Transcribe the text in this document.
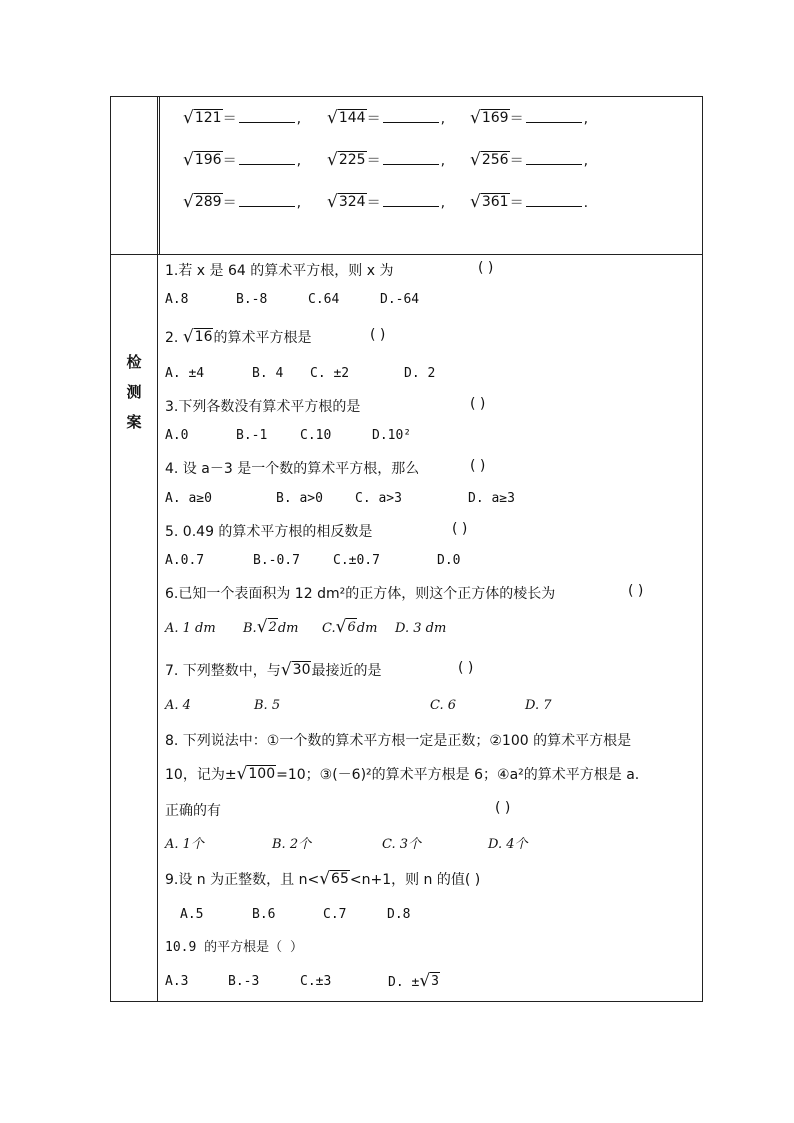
检
测
案
√ 121 ＝	, √ 144 ＝	, √ 169 ＝	,
√ 196 ＝	, √ 225 ＝	, √ 256 ＝	,
√ 289 ＝	, √ 324 ＝	, √ 361 ＝	.
1.若 x 是 64 的算术平方根，则 x 为	( )
A.8	B.-8	C.64	D.-64
2. √ 16 的算术平方根是	( )
A. ±4	B. 4 C. ±2	D. 2
3.下列各数没有算术平方根的是	( )
A.0	B.-1	C.10	D.10²
4. 设 a－3 是一个数的算术平方根，那么	( )
A. a≥0	B. a>0 C. a>3	D. a≥3
5. 0.49 的算术平方根的相反数是	( )
A.0.7	B.-0.7	C.±0.7	D.0
6.已知一个表面积为 12 dm²的正方体，则这个正方体的棱长为	( )
A. 1 dm B. √ 2 dm C. √ 6 dm D. 3 dm
7. 下列整数中，与 √ 30 最接近的是	( )
A. 4	B. 5	C. 6	D. 7
8. 下列说法中：①一个数的算术平方根一定是正数；②100 的算术平方根是
10，记为± √ 100 =10；③(－6)²的算术平方根是 6；④a²的算术平方根是 a.
正确的有	( )
A. 1个	B. 2个	C. 3个	D. 4个
9.设 n 为正整数，且 n< √ 65 <n+1，则 n 的值( )
A.5	B.6	C.7	D.8
10.9 的平方根是（ ）
A.3	B.-3	C.±3	D. ± √ 3
